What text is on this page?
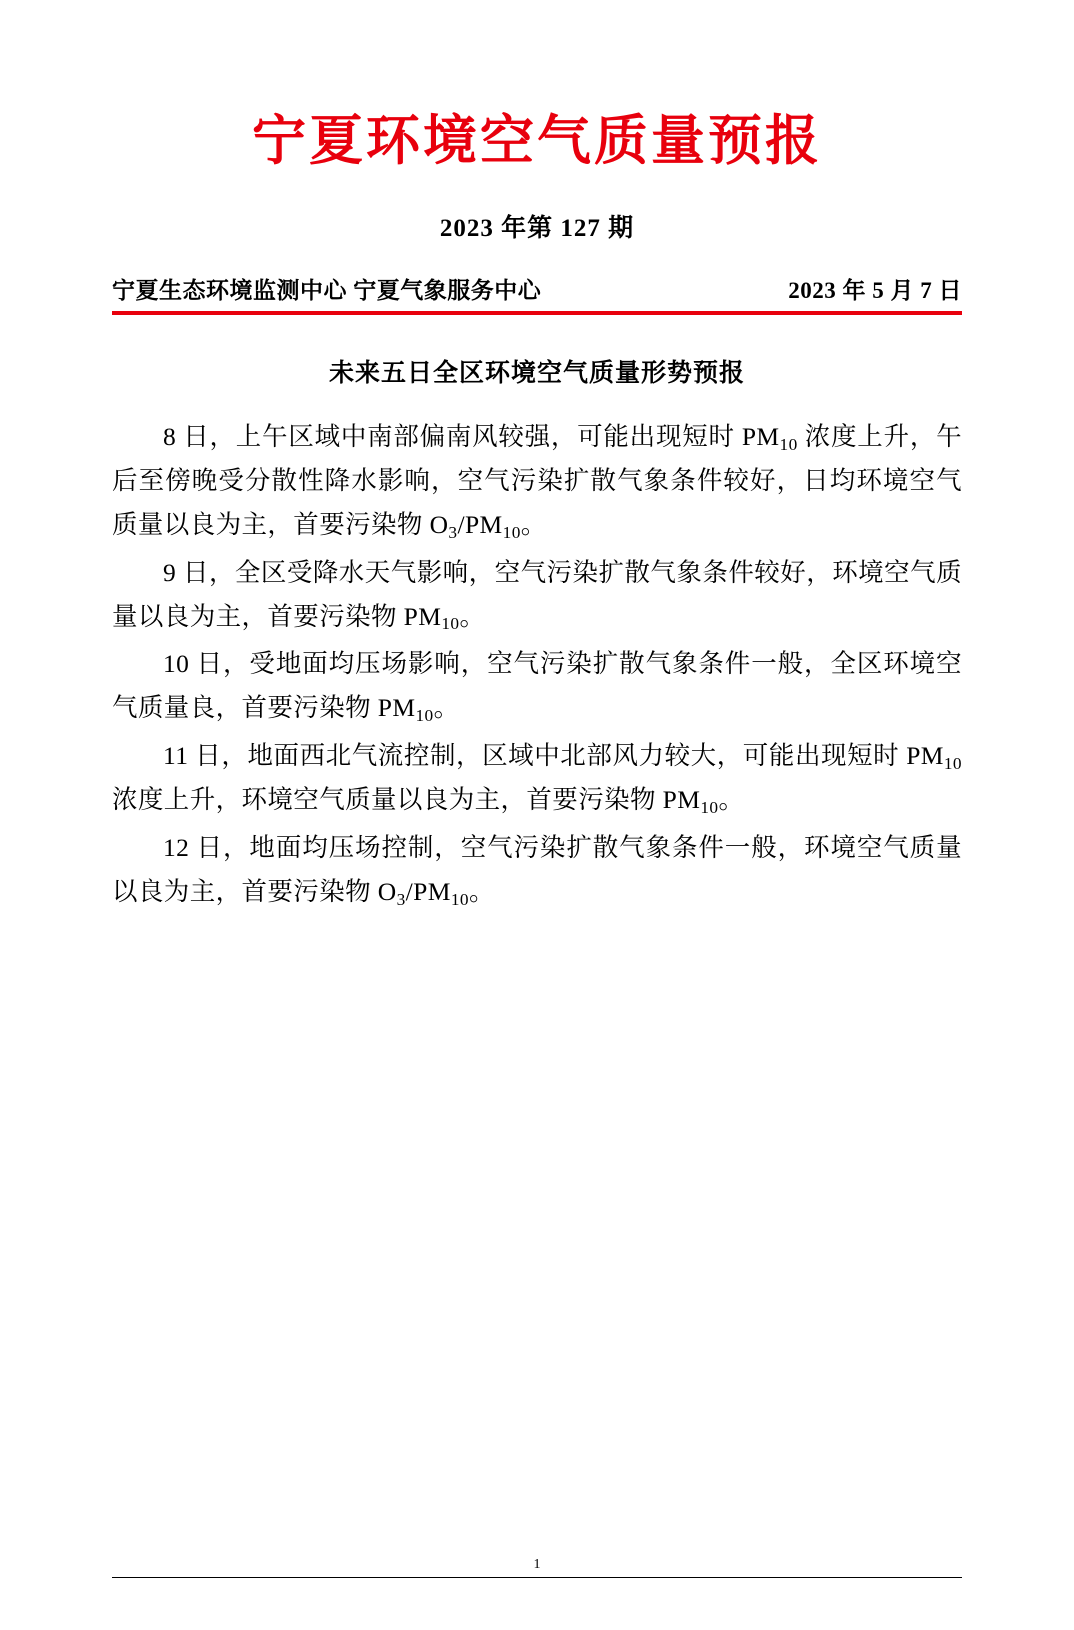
宁夏环境空气质量预报
2023 年第 127 期
宁夏生态环境监测中心 宁夏气象服务中心	2023 年 5 月 7 日
未来五日全区环境空气质量形势预报
8 日，上午区域中南部偏南风较强，可能出现短时 $PM_{10}$ 浓度上升，午后至傍晚受分散性降水影响，空气污染扩散气象条件较好，日均环境空气质量以良为主，首要污染物 $O_3/PM_{10}$。
9 日，全区受降水天气影响，空气污染扩散气象条件较好，环境空气质量以良为主，首要污染物 $PM_{10}$。
10 日，受地面均压场影响，空气污染扩散气象条件一般，全区环境空气质量良，首要污染物 $PM_{10}$。
11 日，地面西北气流控制，区域中北部风力较大，可能出现短时 $PM_{10}$ 浓度上升，环境空气质量以良为主，首要污染物 $PM_{10}$。
12 日，地面均压场控制，空气污染扩散气象条件一般，环境空气质量以良为主，首要污染物 $O_3/PM_{10}$。
1
